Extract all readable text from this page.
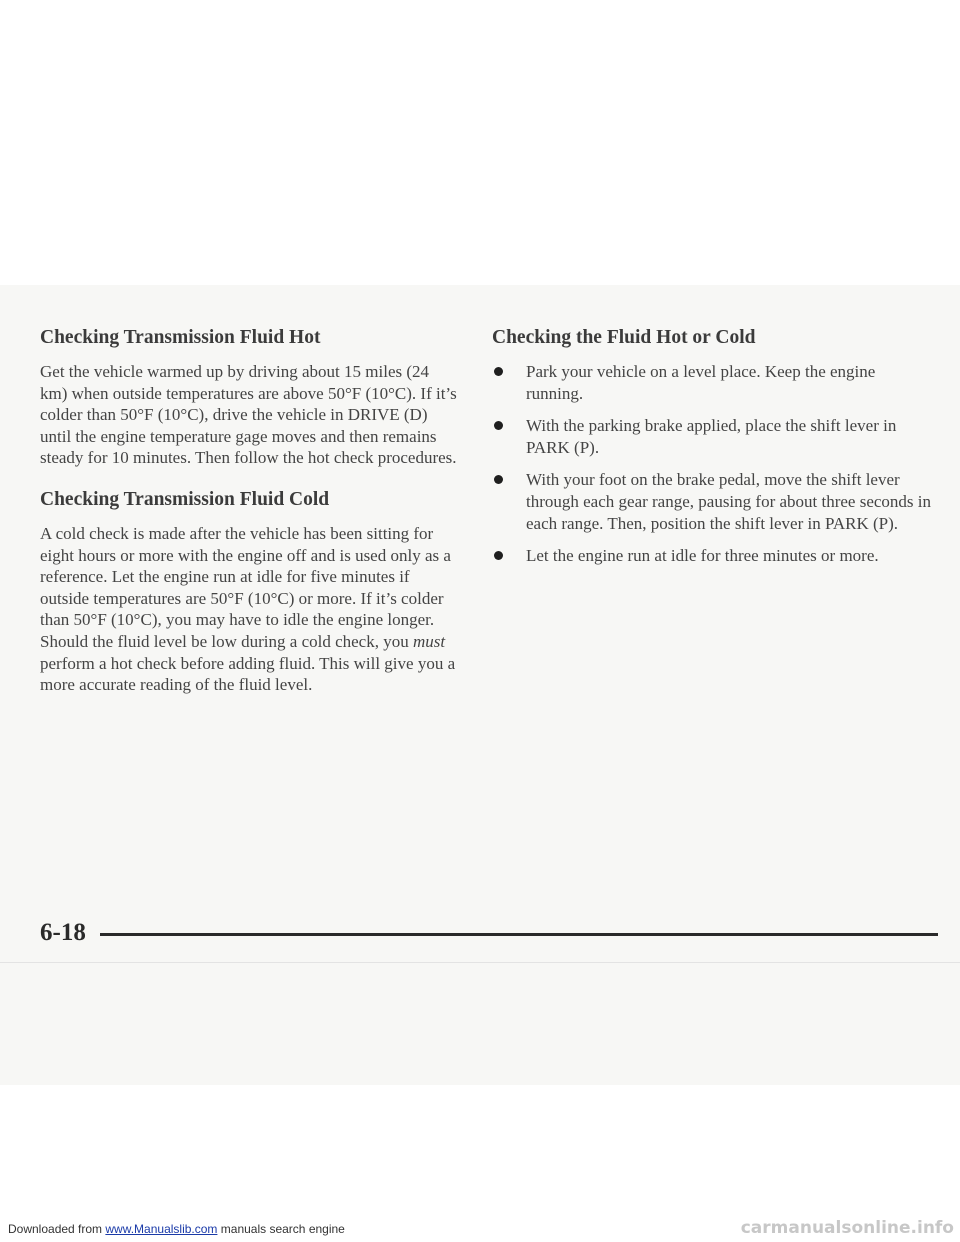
Checking Transmission Fluid Hot

Get the vehicle warmed up by driving about 15 miles (24 km) when outside temperatures are above 50°F (10°C). If it’s colder than 50°F (10°C), drive the vehicle in DRIVE (D) until the engine temperature gage moves and then remains steady for 10 minutes. Then follow the hot check procedures.

Checking Transmission Fluid Cold

A cold check is made after the vehicle has been sitting for eight hours or more with the engine off and is used only as a reference. Let the engine run at idle for five minutes if outside temperatures are 50°F (10°C) or more. If it’s colder than 50°F (10°C), you may have to idle the engine longer. Should the fluid level be low during a cold check, you must perform a hot check before adding fluid. This will give you a more accurate reading of the fluid level.

Checking the Fluid Hot or Cold
Park your vehicle on a level place. Keep the engine running.
With the parking brake applied, place the shift lever in PARK (P).
With your foot on the brake pedal, move the shift lever through each gear range, pausing for about three seconds in each range. Then, position the shift lever in PARK (P).
Let the engine run at idle for three minutes or more.
6-18
Downloaded from www.Manualslib.com manuals search engine	carmanualsonline.info
